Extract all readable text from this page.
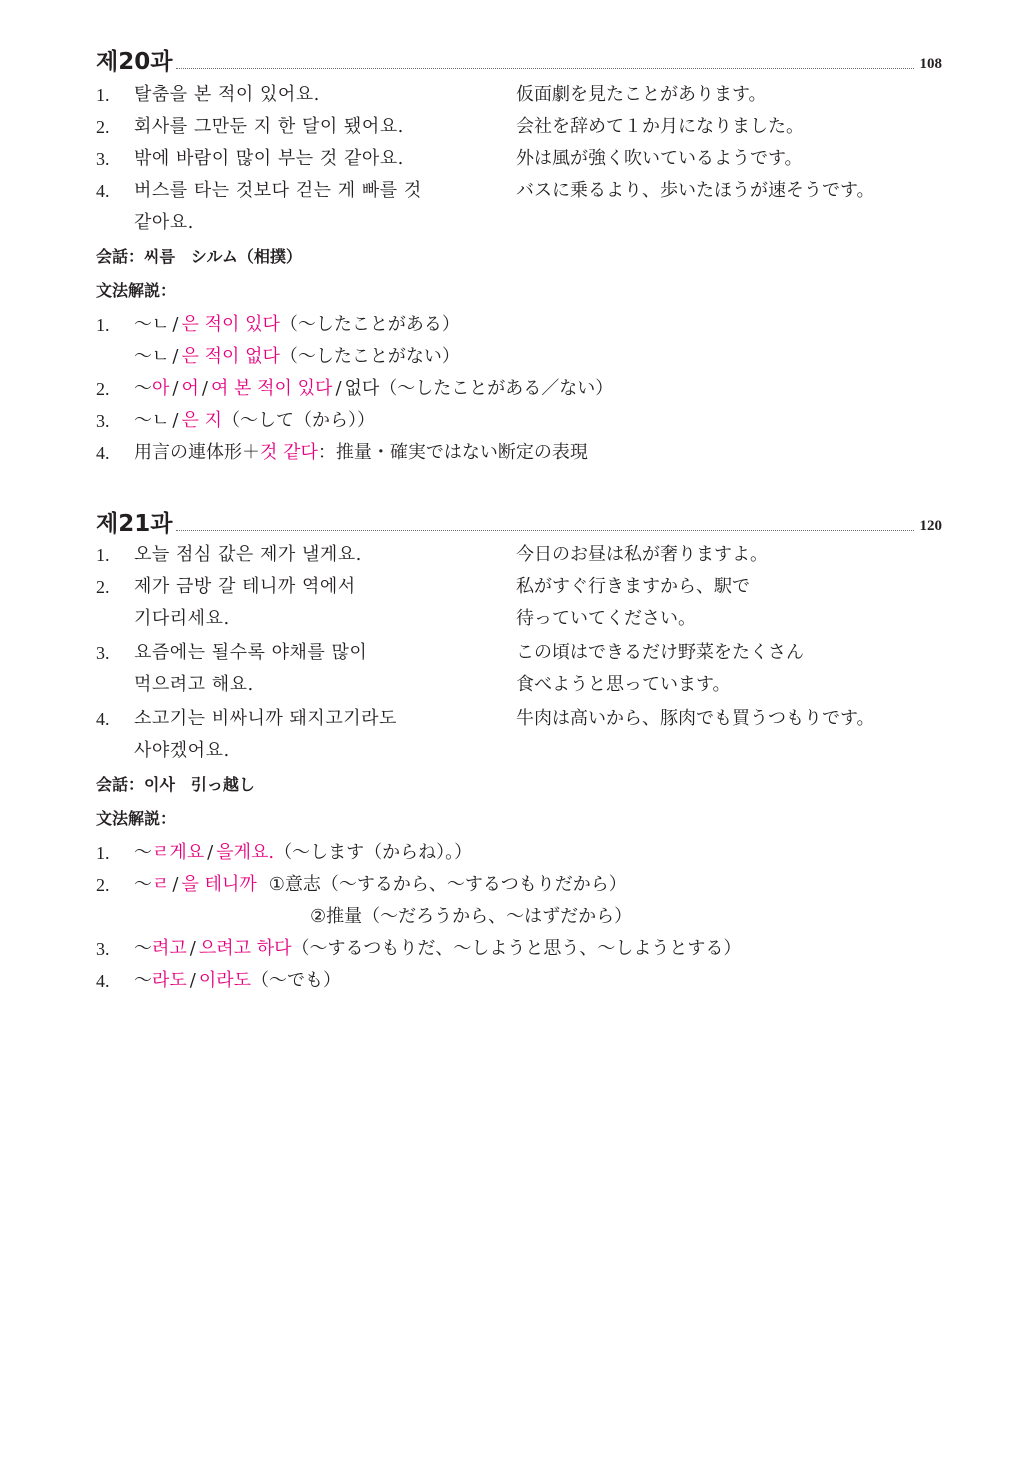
제20과	108
1.	탈춤을 본 적이 있어요.	仮面劇を見たことがあります。
2.	회사를 그만둔 지 한 달이 됐어요.	会社を辞めて１か月になりました。
3.	밖에 바람이 많이 부는 것 같아요.	外は風が強く吹いているようです。
4.	버스를 타는 것보다 걷는 게 빠를 것	バスに乗るより、歩いたほうが速そうです。
같아요.
会話：씨름　シルム（相撲）
文法解説：
1.	～ㄴ / 은 적이 있다（～したことがある）
～ㄴ / 은 적이 없다（～したことがない）
2.	～아 / 어 / 여 본 적이 있다 / 없다（～したことがある／ない）
3.	～ㄴ / 은 지（～して（から））
4.	用言の連体形＋것 같다：推量・確実ではない断定の表現
제21과	120
1.	오늘 점심 값은 제가 낼게요.	今日のお昼は私が奢りますよ。
2.	제가 금방 갈 테니까 역에서	私がすぐ行きますから、駅で
기다리세요.	待っていてください。
3.	요즘에는 될수록 야채를 많이	この頃はできるだけ野菜をたくさん
먹으려고 해요.	食べようと思っています。
4.	소고기는 비싸니까 돼지고기라도	牛肉は高いから、豚肉でも買うつもりです。
사야겠어요.
会話：이사　引っ越し
文法解説：
1.	～ㄹ게요 / 을게요.（～します（からね）。）
2.	～ㄹ / 을 테니까 ①意志（～するから、～するつもりだから）
②推量（～だろうから、～はずだから）
3.	～려고 / 으려고 하다（～するつもりだ、～しようと思う、～しようとする）
4.	～라도 / 이라도（～でも）
